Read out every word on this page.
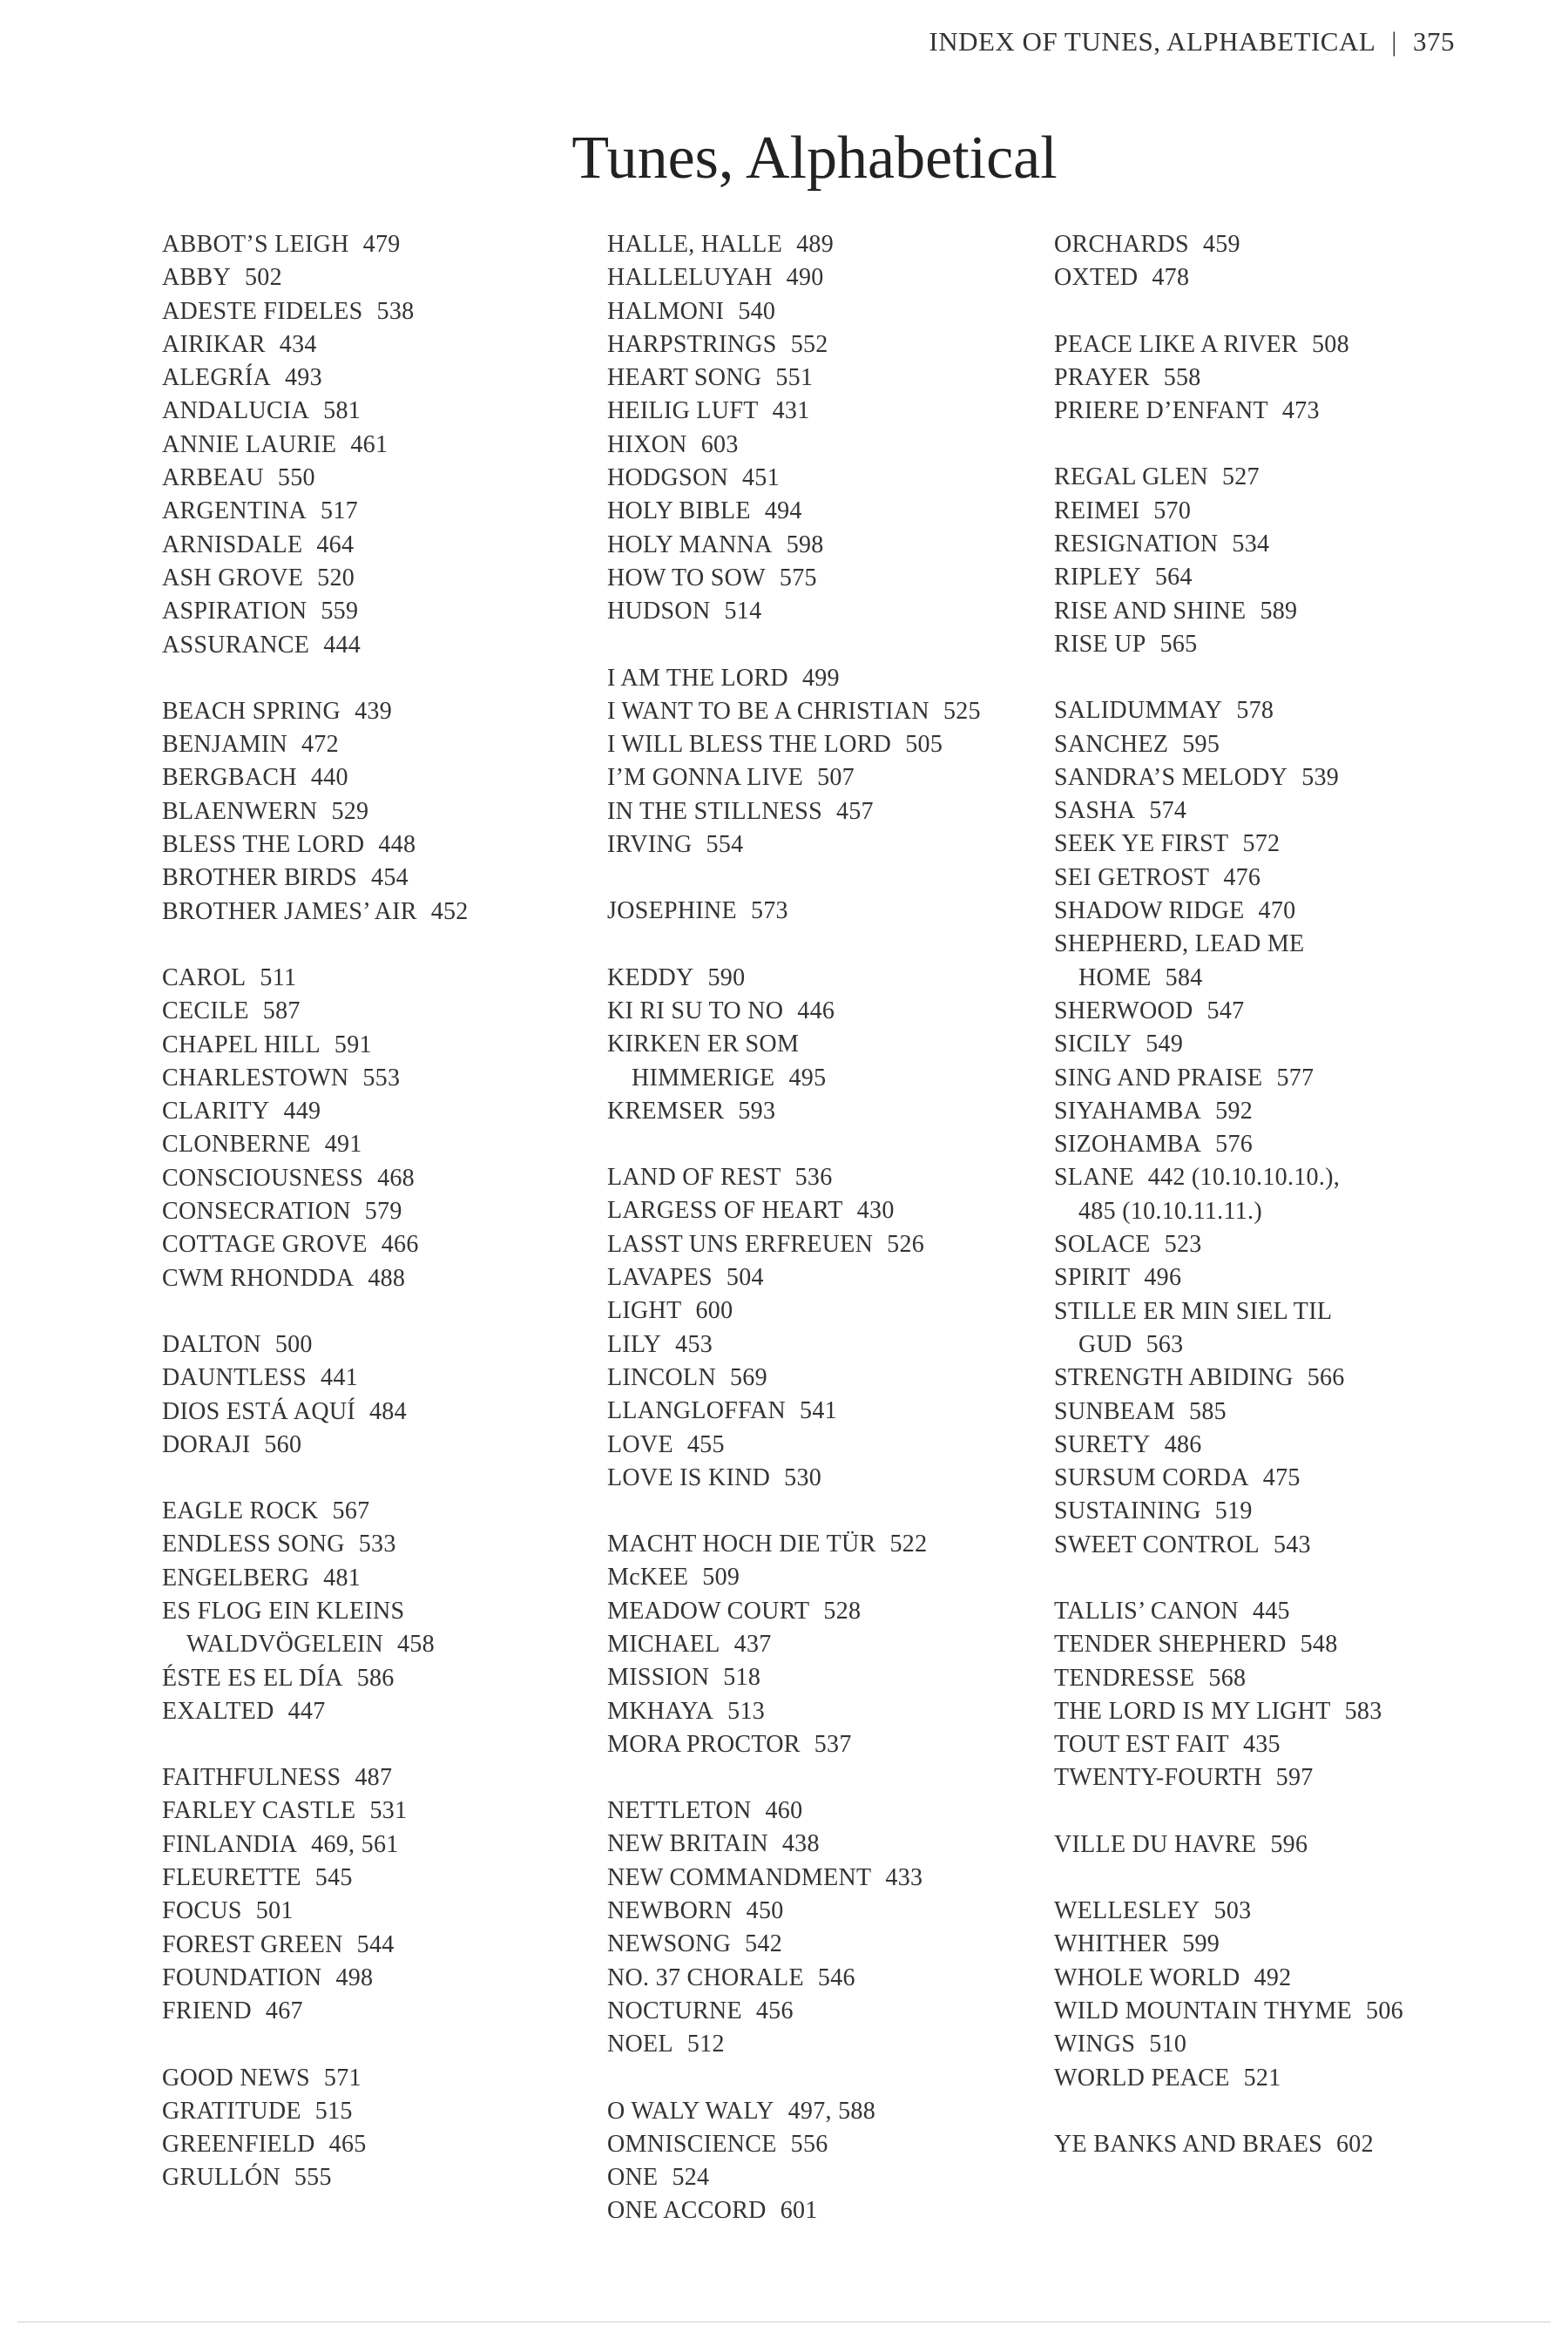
INDEX OF TUNES, ALPHABETICAL | 375
Tunes, Alphabetical
ABBOT’S LEIGH 479
ABBY 502
ADESTE FIDELES 538
AIRIKAR 434
ALEGRÍA 493
ANDALUCIA 581
ANNIE LAURIE 461
ARBEAU 550
ARGENTINA 517
ARNISDALE 464
ASH GROVE 520
ASPIRATION 559
ASSURANCE 444
BEACH SPRING 439
BENJAMIN 472
BERGBACH 440
BLAENWERN 529
BLESS THE LORD 448
BROTHER BIRDS 454
BROTHER JAMES’ AIR 452
CAROL 511
CECILE 587
CHAPEL HILL 591
CHARLESTOWN 553
CLARITY 449
CLONBERNE 491
CONSCIOUSNESS 468
CONSECRATION 579
COTTAGE GROVE 466
CWM RHONDDA 488
DALTON 500
DAUNTLESS 441
DIOS ESTÁ AQUÍ 484
DORAJI 560
EAGLE ROCK 567
ENDLESS SONG 533
ENGELBERG 481
ES FLOG EIN KLEINS
WALDVÖGELEIN 458
ÉSTE ES EL DÍA 586
EXALTED 447
FAITHFULNESS 487
FARLEY CASTLE 531
FINLANDIA 469, 561
FLEURETTE 545
FOCUS 501
FOREST GREEN 544
FOUNDATION 498
FRIEND 467
GOOD NEWS 571
GRATITUDE 515
GREENFIELD 465
GRULLÓN 555
HALLE, HALLE 489
HALLELUYAH 490
HALMONI 540
HARPSTRINGS 552
HEART SONG 551
HEILIG LUFT 431
HIXON 603
HODGSON 451
HOLY BIBLE 494
HOLY MANNA 598
HOW TO SOW 575
HUDSON 514
I AM THE LORD 499
I WANT TO BE A CHRISTIAN 525
I WILL BLESS THE LORD 505
I’M GONNA LIVE 507
IN THE STILLNESS 457
IRVING 554
JOSEPHINE 573
KEDDY 590
KI RI SU TO NO 446
KIRKEN ER SOM
HIMMERIGE 495
KREMSER 593
LAND OF REST 536
LARGESS OF HEART 430
LASST UNS ERFREUEN 526
LAVAPES 504
LIGHT 600
LILY 453
LINCOLN 569
LLANGLOFFAN 541
LOVE 455
LOVE IS KIND 530
MACHT HOCH DIE TÜR 522
McKEE 509
MEADOW COURT 528
MICHAEL 437
MISSION 518
MKHAYA 513
MORA PROCTOR 537
NETTLETON 460
NEW BRITAIN 438
NEW COMMANDMENT 433
NEWBORN 450
NEWSONG 542
NO. 37 CHORALE 546
NOCTURNE 456
NOEL 512
O WALY WALY 497, 588
OMNISCIENCE 556
ONE 524
ONE ACCORD 601
ORCHARDS 459
OXTED 478
PEACE LIKE A RIVER 508
PRAYER 558
PRIERE D’ENFANT 473
REGAL GLEN 527
REIMEI 570
RESIGNATION 534
RIPLEY 564
RISE AND SHINE 589
RISE UP 565
SALIDUMMAY 578
SANCHEZ 595
SANDRA’S MELODY 539
SASHA 574
SEEK YE FIRST 572
SEI GETROST 476
SHADOW RIDGE 470
SHEPHERD, LEAD ME
HOME 584
SHERWOOD 547
SICILY 549
SING AND PRAISE 577
SIYAHAMBA 592
SIZOHAMBA 576
SLANE 442 (10.10.10.10.),
485 (10.10.11.11.)
SOLACE 523
SPIRIT 496
STILLE ER MIN SIEL TIL
GUD 563
STRENGTH ABIDING 566
SUNBEAM 585
SURETY 486
SURSUM CORDA 475
SUSTAINING 519
SWEET CONTROL 543
TALLIS’ CANON 445
TENDER SHEPHERD 548
TENDRESSE 568
THE LORD IS MY LIGHT 583
TOUT EST FAIT 435
TWENTY-FOURTH 597
VILLE DU HAVRE 596
WELLESLEY 503
WHITHER 599
WHOLE WORLD 492
WILD MOUNTAIN THYME 506
WINGS 510
WORLD PEACE 521
YE BANKS AND BRAES 602
